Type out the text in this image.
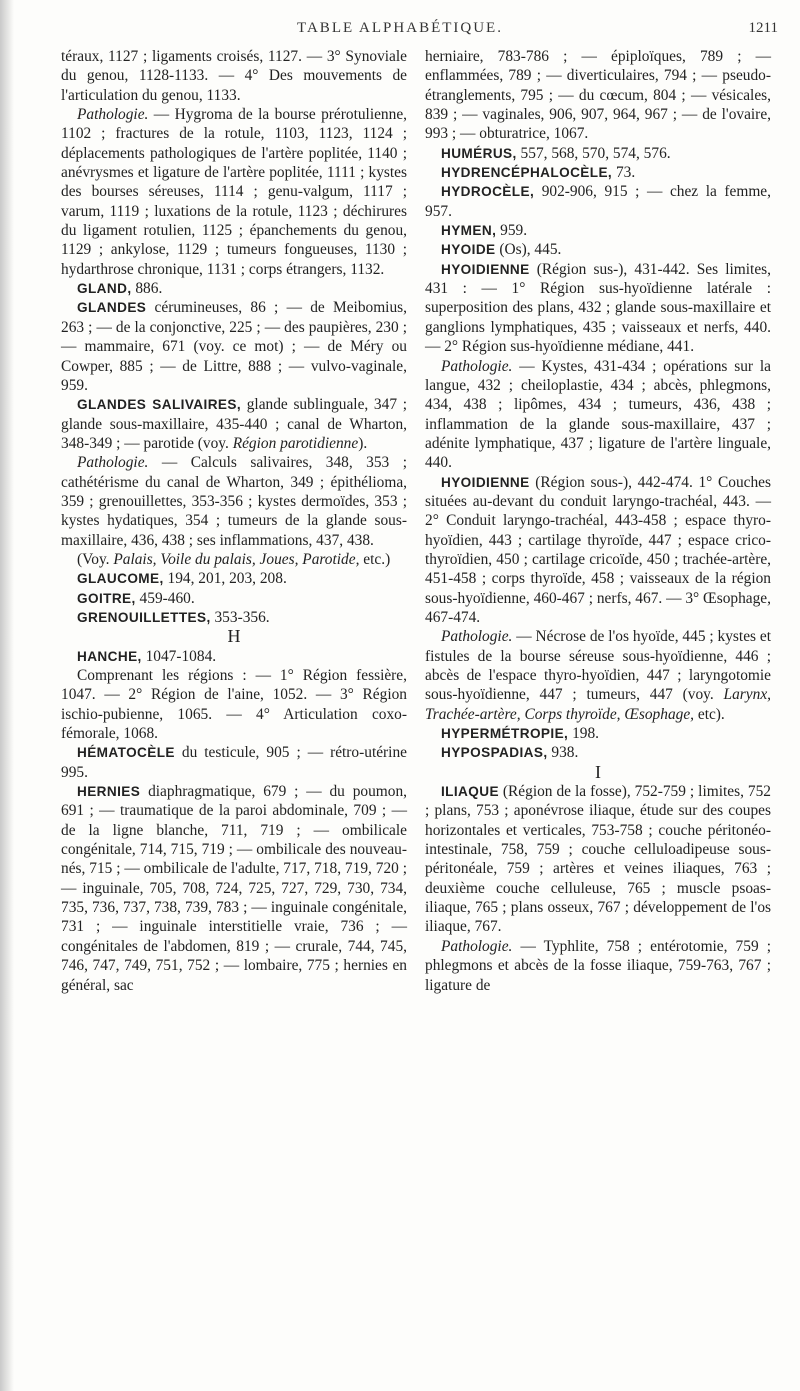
TABLE ALPHABÉTIQUE.	1211

téraux, 1127 ; ligaments croisés, 1127. — 3° Synoviale du genou, 1128-1133. — 4° Des mouvements de l'articulation du genou, 1133.

Pathologie. — Hygroma de la bourse prérotulienne, 1102 ; fractures de la rotule, 1103, 1123, 1124 ; déplacements pathologiques de l'artère poplitée, 1140 ; anévrysmes et ligature de l'artère poplitée, 1111 ; kystes des bourses séreuses, 1114 ; genu-valgum, 1117 ; varum, 1119 ; luxations de la rotule, 1123 ; déchirures du ligament rotulien, 1125 ; épanchements du genou, 1129 ; ankylose, 1129 ; tumeurs fongueuses, 1130 ; hydarthrose chronique, 1131 ; corps étrangers, 1132.

GLAND, 886.

GLANDES cérumineuses, 86 ; — de Meibomius, 263 ; — de la conjonctive, 225 ; — des paupières, 230 ; — mammaire, 671 (voy. ce mot) ; — de Méry ou Cowper, 885 ; — de Littre, 888 ; — vulvo-vaginale, 959.

GLANDES SALIVAIRES, glande sublinguale, 347 ; glande sous-maxillaire, 435-440 ; canal de Wharton, 348-349 ; — parotide (voy. Région parotidienne).

Pathologie. — Calculs salivaires, 348, 353 ; cathétérisme du canal de Wharton, 349 ; épithélioma, 359 ; grenouillettes, 353-356 ; kystes dermoïdes, 353 ; kystes hydatiques, 354 ; tumeurs de la glande sous-maxillaire, 436, 438 ; ses inflammations, 437, 438.

(Voy. Palais, Voile du palais, Joues, Parotide, etc.)

GLAUCOME, 194, 201, 203, 208.

GOITRE, 459-460.

GRENOUILLETTES, 353-356.

H

HANCHE, 1047-1084.

Comprenant les régions : — 1° Région fessière, 1047. — 2° Région de l'aine, 1052. — 3° Région ischio-pubienne, 1065. — 4° Articulation coxo-fémorale, 1068.

HÉMATOCÈLE du testicule, 905 ; — rétro-utérine 995.

HERNIES diaphragmatique, 679 ; — du poumon, 691 ; — traumatique de la paroi abdominale, 709 ; — de la ligne blanche, 711, 719 ; — ombilicale congénitale, 714, 715, 719 ; — ombilicale des nouveau-nés, 715 ; — ombilicale de l'adulte, 717, 718, 719, 720 ; — inguinale, 705, 708, 724, 725, 727, 729, 730, 734, 735, 736, 737, 738, 739, 783 ; — inguinale congénitale, 731 ; — inguinale interstitielle vraie, 736 ; — congénitales de l'abdomen, 819 ; — crurale, 744, 745, 746, 747, 749, 751, 752 ; — lombaire, 775 ; hernies en général, sac

herniaire, 783-786 ; — épiploïques, 789 ; — enflammées, 789 ; — diverticulaires, 794 ; — pseudo-étranglements, 795 ; — du cœcum, 804 ; — vésicales, 839 ; — vaginales, 906, 907, 964, 967 ; — de l'ovaire, 993 ; — obturatrice, 1067.

HUMÉRUS, 557, 568, 570, 574, 576.

HYDRENCÉPHALOCÈLE, 73.

HYDROCÈLE, 902-906, 915 ; — chez la femme, 957.

HYMEN, 959.

HYOIDE (Os), 445.

HYOIDIENNE (Région sus-), 431-442. Ses limites, 431 : — 1° Région sus-hyoïdienne latérale : superposition des plans, 432 ; glande sous-maxillaire et ganglions lymphatiques, 435 ; vaisseaux et nerfs, 440. — 2° Région sus-hyoïdienne médiane, 441.

Pathologie. — Kystes, 431-434 ; opérations sur la langue, 432 ; cheiloplastie, 434 ; abcès, phlegmons, 434, 438 ; lipômes, 434 ; tumeurs, 436, 438 ; inflammation de la glande sous-maxillaire, 437 ; adénite lymphatique, 437 ; ligature de l'artère linguale, 440.

HYOIDIENNE (Région sous-), 442-474. 1° Couches situées au-devant du conduit laryngo-trachéal, 443. — 2° Conduit laryngo-trachéal, 443-458 ; espace thyro-hyoïdien, 443 ; cartilage thyroïde, 447 ; espace crico-thyroïdien, 450 ; cartilage cricoïde, 450 ; trachée-artère, 451-458 ; corps thyroïde, 458 ; vaisseaux de la région sous-hyoïdienne, 460-467 ; nerfs, 467. — 3° Œsophage, 467-474.

Pathologie. — Nécrose de l'os hyoïde, 445 ; kystes et fistules de la bourse séreuse sous-hyoïdienne, 446 ; abcès de l'espace thyro-hyoïdien, 447 ; laryngotomie sous-hyoïdienne, 447 ; tumeurs, 447 (voy. Larynx, Trachée-artère, Corps thyroïde, Œsophage, etc).

HYPERMÉTROPIE, 198.

HYPOSPADIAS, 938.

I

ILIAQUE (Région de la fosse), 752-759 ; limites, 752 ; plans, 753 ; aponévrose iliaque, étude sur des coupes horizontales et verticales, 753-758 ; couche péritonéo-intestinale, 758, 759 ; couche celluloadipeuse sous-péritonéale, 759 ; artères et veines iliaques, 763 ; deuxième couche celluleuse, 765 ; muscle psoas-iliaque, 765 ; plans osseux, 767 ; développement de l'os iliaque, 767.

Pathologie. — Typhlite, 758 ; entérotomie, 759 ; phlegmons et abcès de la fosse iliaque, 759-763, 767 ; ligature de
